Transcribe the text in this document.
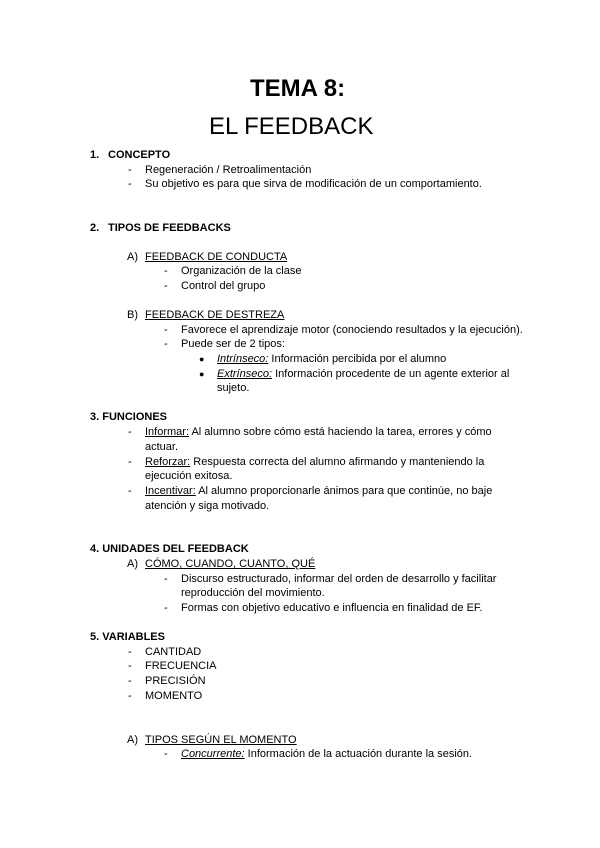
TEMA 8:
EL FEEDBACK
1. CONCEPTO
- Regeneración / Retroalimentación
- Su objetivo es para que sirva de modificación de un comportamiento.
2. TIPOS DE FEEDBACKS
A) FEEDBACK DE CONDUCTA
- Organización de la clase
- Control del grupo
B) FEEDBACK DE DESTREZA
- Favorece el aprendizaje motor (conociendo resultados y la ejecución).
- Puede ser de 2 tipos:
● Intrínseco: Información percibida por el alumno
● Extrínseco: Información procedente de un agente exterior al
sujeto.
3. FUNCIONES
- Informar: Al alumno sobre cómo está haciendo la tarea, errores y cómo
actuar.
- Reforzar: Respuesta correcta del alumno afirmando y manteniendo la
ejecución exitosa.
- Incentivar: Al alumno proporcionarle ánimos para que continúe, no baje
atención y siga motivado.
4. UNIDADES DEL FEEDBACK
A) CÓMO, CUANDO, CUANTO, QUÉ
- Discurso estructurado, informar del orden de desarrollo y facilitar
reproducción del movimiento.
- Formas con objetivo educativo e influencia en finalidad de EF.
5. VARIABLES
- CANTIDAD
- FRECUENCIA
- PRECISIÓN
- MOMENTO
A) TIPOS SEGÚN EL MOMENTO
- Concurrente: Información de la actuación durante la sesión.
